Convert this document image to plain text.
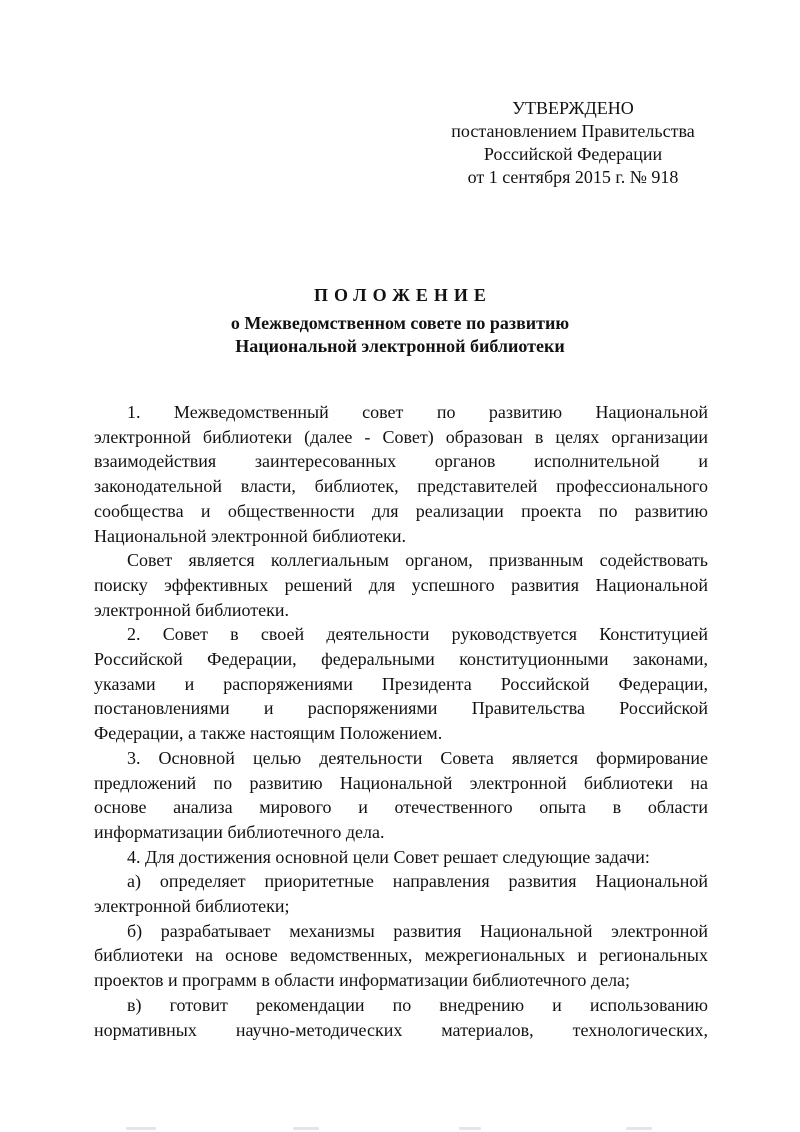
УТВЕРЖДЕНО
постановлением Правительства
Российской Федерации
от 1 сентября 2015 г. № 918
ПОЛОЖЕНИЕ
о Межведомственном совете по развитию
Национальной электронной библиотеки
1. Межведомственный совет по развитию Национальной
электронной библиотеки (далее - Совет) образован в целях организации
взаимодействия заинтересованных органов исполнительной и
законодательной власти, библиотек, представителей профессионального
сообщества и общественности для реализации проекта по развитию
Национальной электронной библиотеки.
Совет является коллегиальным органом, призванным содействовать
поиску эффективных решений для успешного развития Национальной
электронной библиотеки.
2. Совет в своей деятельности руководствуется Конституцией
Российской Федерации, федеральными конституционными законами,
указами и распоряжениями Президента Российской Федерации,
постановлениями и распоряжениями Правительства Российской
Федерации, а также настоящим Положением.
3. Основной целью деятельности Совета является формирование
предложений по развитию Национальной электронной библиотеки на
основе анализа мирового и отечественного опыта в области
информатизации библиотечного дела.
4. Для достижения основной цели Совет решает следующие задачи:
а) определяет приоритетные направления развития Национальной
электронной библиотеки;
б) разрабатывает механизмы развития Национальной электронной
библиотеки на основе ведомственных, межрегиональных и региональных
проектов и программ в области информатизации библиотечного дела;
в) готовит рекомендации по внедрению и использованию
нормативных научно-методических материалов, технологических,
